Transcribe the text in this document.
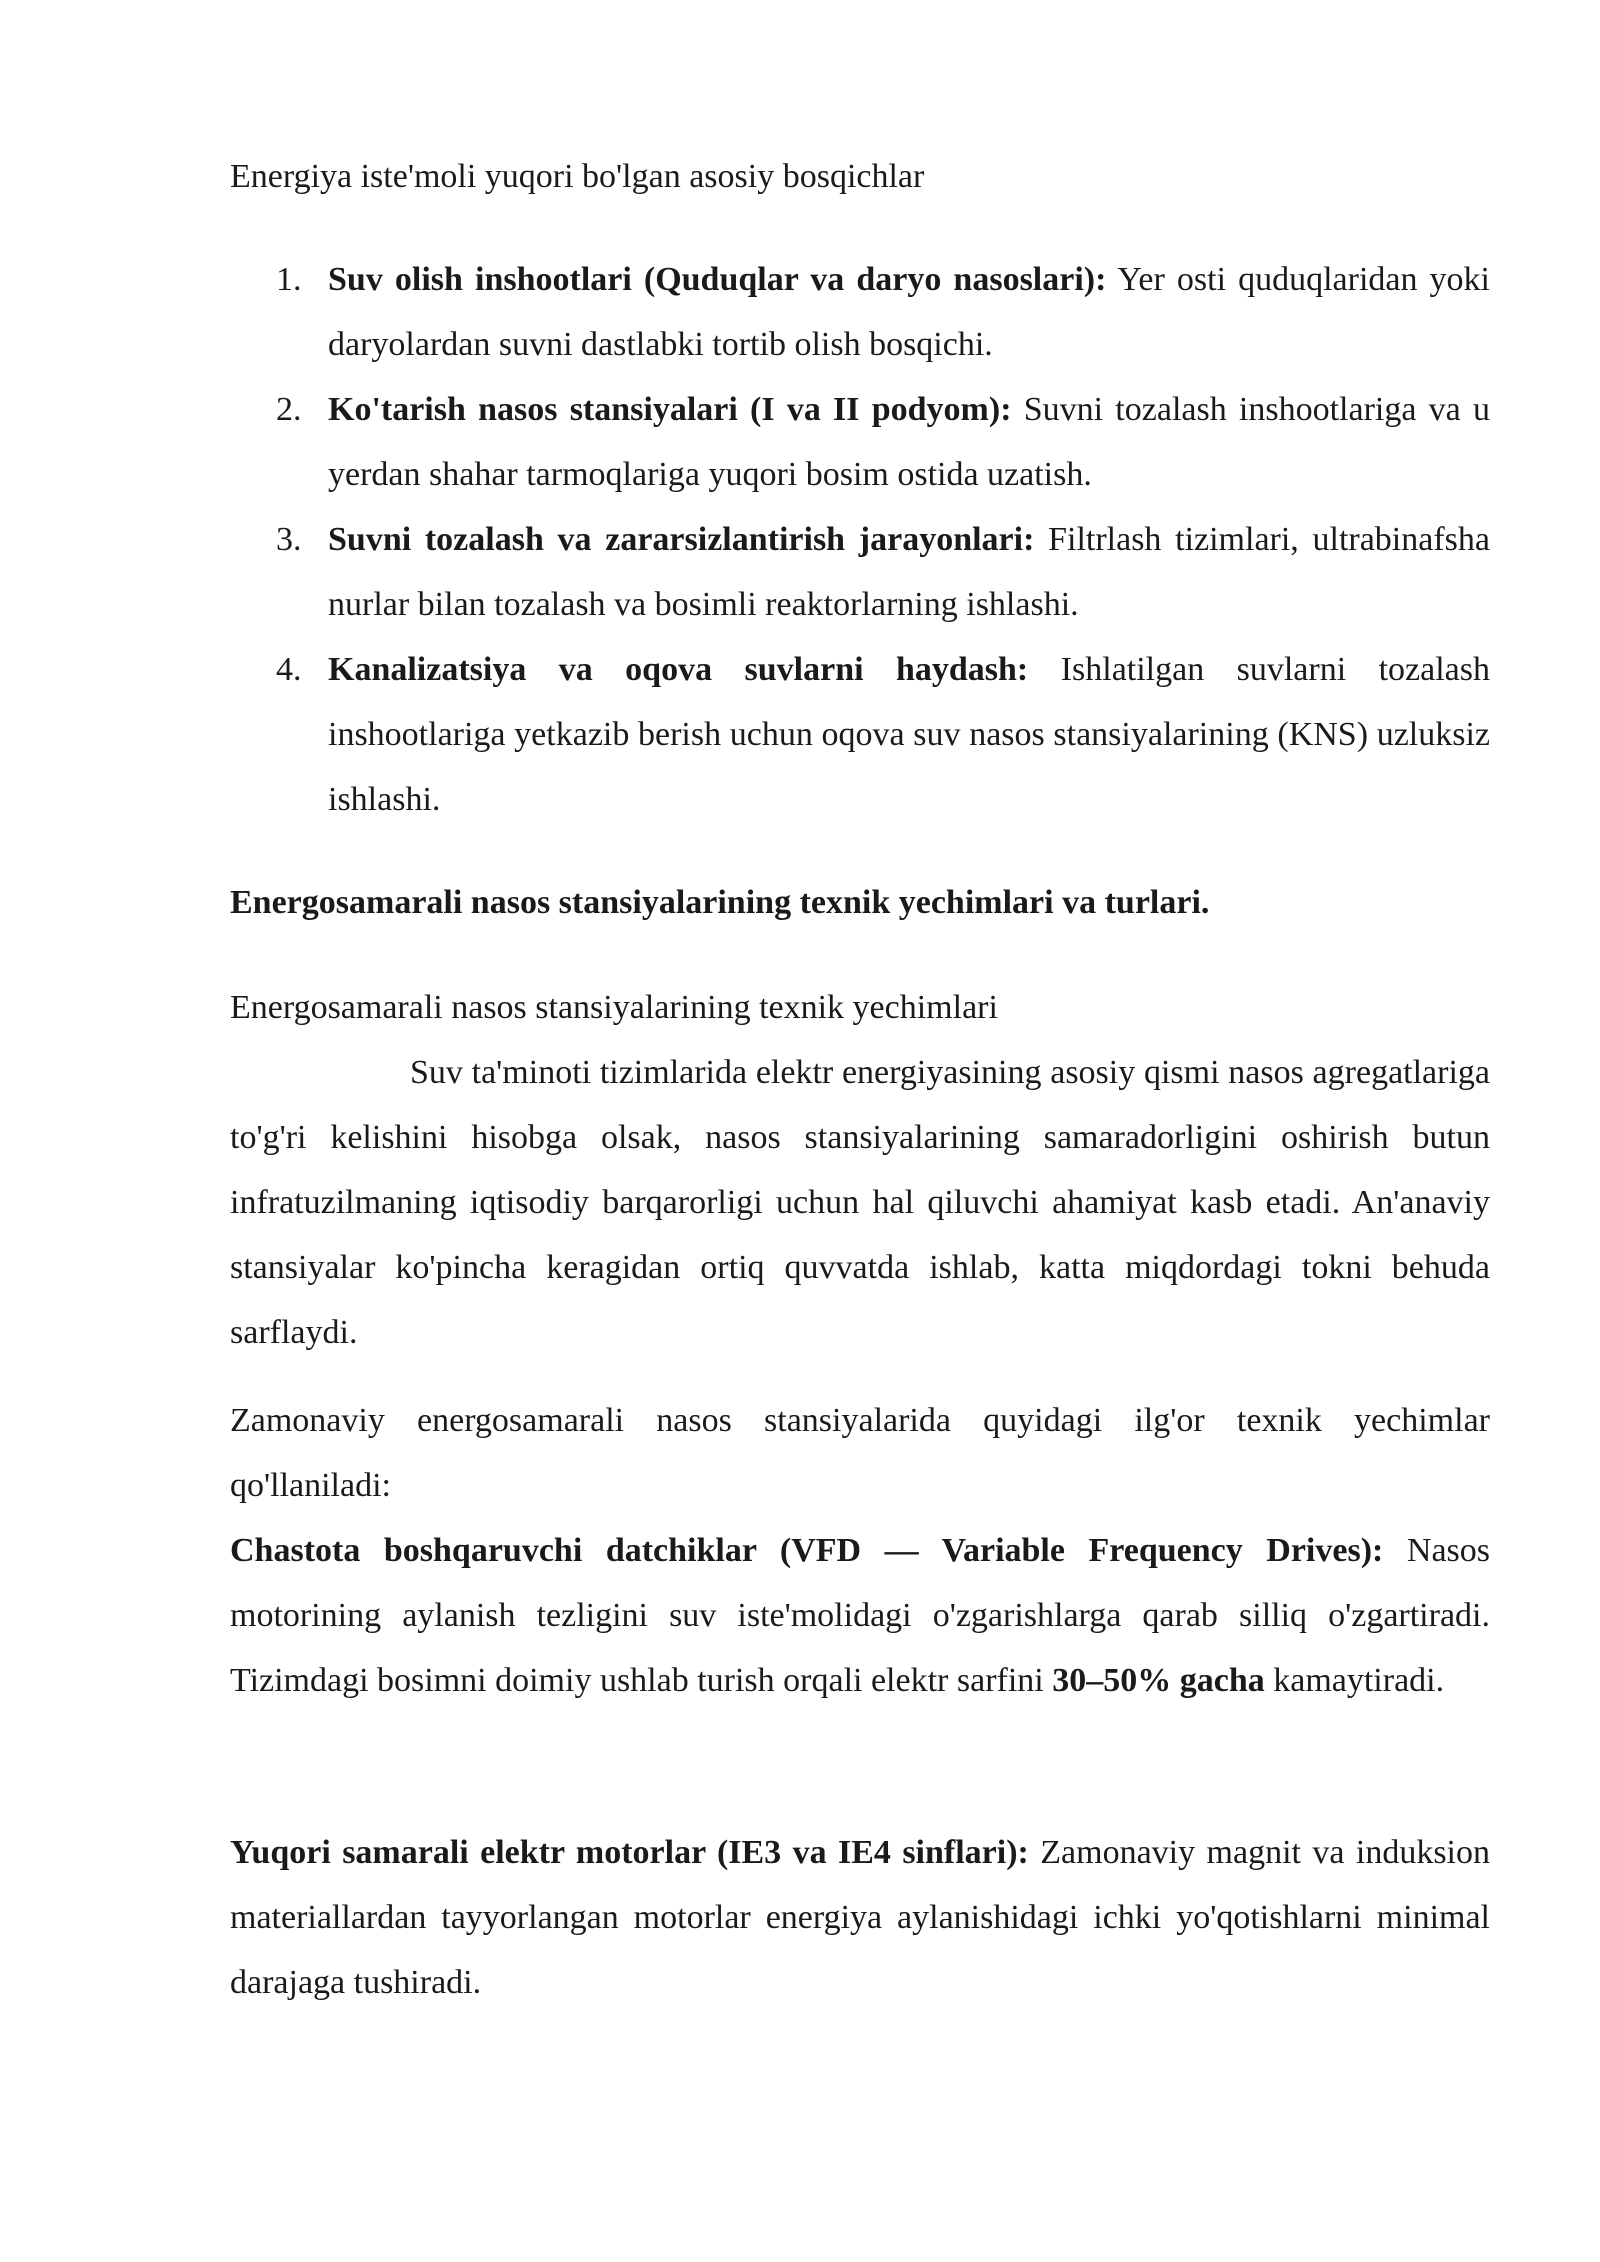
Energiya iste'moli yuqori bo'lgan asosiy bosqichlar

1. Suv olish inshootlari (Quduqlar va daryo nasoslari): Yer osti quduqlaridan yoki daryolardan suvni dastlabki tortib olish bosqichi.
2. Ko'tarish nasos stansiyalari (I va II podyom): Suvni tozalash inshootlariga va u yerdan shahar tarmoqlariga yuqori bosim ostida uzatish.
3. Suvni tozalash va zararsizlantirish jarayonlari: Filtrlash tizimlari, ultrabinafsha nurlar bilan tozalash va bosimli reaktorlarning ishlashi.
4. Kanalizatsiya va oqova suvlarni haydash: Ishlatilgan suvlarni tozalash inshootlariga yetkazib berish uchun oqova suv nasos stansiyalarining (KNS) uzluksiz ishlashi.
Energosamarali nasos stansiyalarining texnik yechimlari va turlari.

Energosamarali nasos stansiyalarining texnik yechimlari

Suv ta'minoti tizimlarida elektr energiyasining asosiy qismi nasos agregatlariga to'g'ri kelishini hisobga olsak, nasos stansiyalarining samaradorligini oshirish butun infratuzilmaning iqtisodiy barqarorligi uchun hal qiluvchi ahamiyat kasb etadi. An'anaviy stansiyalar ko'pincha keragidan ortiq quvvatda ishlab, katta miqdordagi tokni behuda sarflaydi.

Zamonaviy energosamarali nasos stansiyalarida quyidagi ilg'or texnik yechimlar qo'llaniladi:

Chastota boshqaruvchi datchiklar (VFD — Variable Frequency Drives): Nasos motorining aylanish tezligini suv iste'molidagi o'zgarishlarga qarab silliq o'zgartiradi. Tizimdagi bosimni doimiy ushlab turish orqali elektr sarfini 30–50% gacha kamaytiradi.

Yuqori samarali elektr motorlar (IE3 va IE4 sinflari): Zamonaviy magnit va induksion materiallardan tayyorlangan motorlar energiya aylanishidagi ichki yo'qotishlarni minimal darajaga tushiradi.
